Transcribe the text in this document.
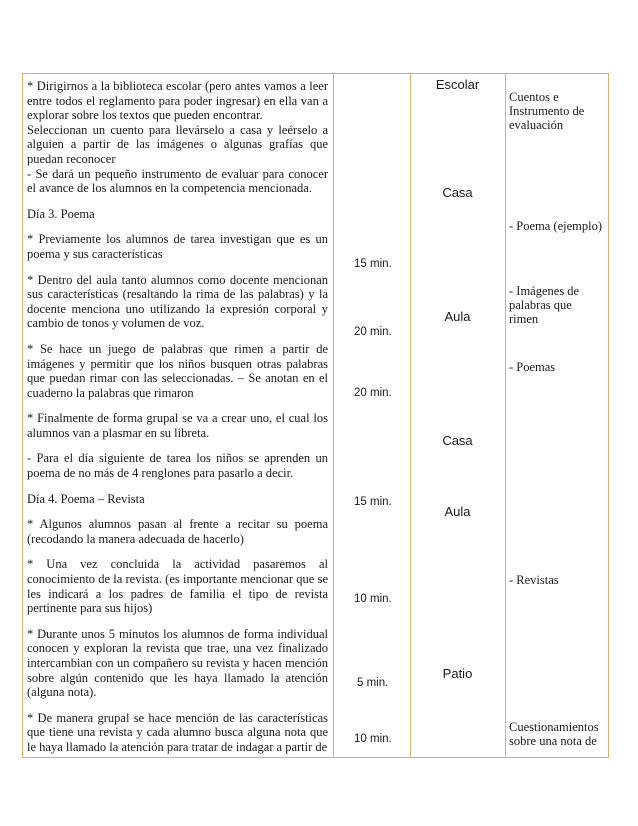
* Dirigirnos a la biblioteca escolar (pero antes vamos a leer entre todos el reglamento para poder ingresar) en ella van a explorar sobre los textos que pueden encontrar.

Seleccionan un cuento para llevárselo a casa y leérselo a alguien a partir de las imágenes o algunas grafías que puedan reconocer

- Se dará un pequeño instrumento de evaluar para conocer el avance de los alumnos en la competencia mencionada.

Día 3. Poema

* Previamente los alumnos de tarea investigan que es un poema y sus características

* Dentro del aula tanto alumnos como docente mencionan sus características (resaltando la rima de las palabras) y la docente menciona uno utilizando la expresión corporal y cambio de tonos y volumen de voz.

* Se hace un juego de palabras que rimen a partir de imágenes y permitir que los niños busquen otras palabras que puedan rimar con las seleccionadas. – Se anotan en el cuaderno la palabras que rimaron

* Finalmente de forma grupal se va a crear uno, el cual los alumnos van a plasmar en su libreta.

- Para el día siguiente de tarea los niños se aprenden un poema de no más de 4 renglones para pasarlo a decir.

Día 4. Poema – Revista

* Algunos alumnos pasan al frente a recitar su poema (recodando la manera adecuada de hacerlo)

* Una vez concluida la actividad pasaremos al conocimiento de la revista. (es importante mencionar que se les indicará a los padres de familia el tipo de revista pertinente para sus hijos)

* Durante unos 5 minutos los alumnos de forma individual conocen y exploran la revista que trae, una vez finalizado intercambian con un compañero su revista y hacen mención sobre algún contenido que les haya llamado la atención (alguna nota).

* De manera grupal se hace mención de las características que tiene una revista y cada alumno busca alguna nota que le haya llamado la atención para tratar de indagar a partir de

15 min.
20 min.
20 min.
15 min.
10 min.
5 min.
10 min.
Escolar
Casa
Aula
Casa
Aula
Patio
Cuentos e Instrumento de evaluación
- Poema (ejemplo)
- Imágenes de palabras que rimen
- Poemas
- Revistas
Cuestionamientos sobre una nota de
